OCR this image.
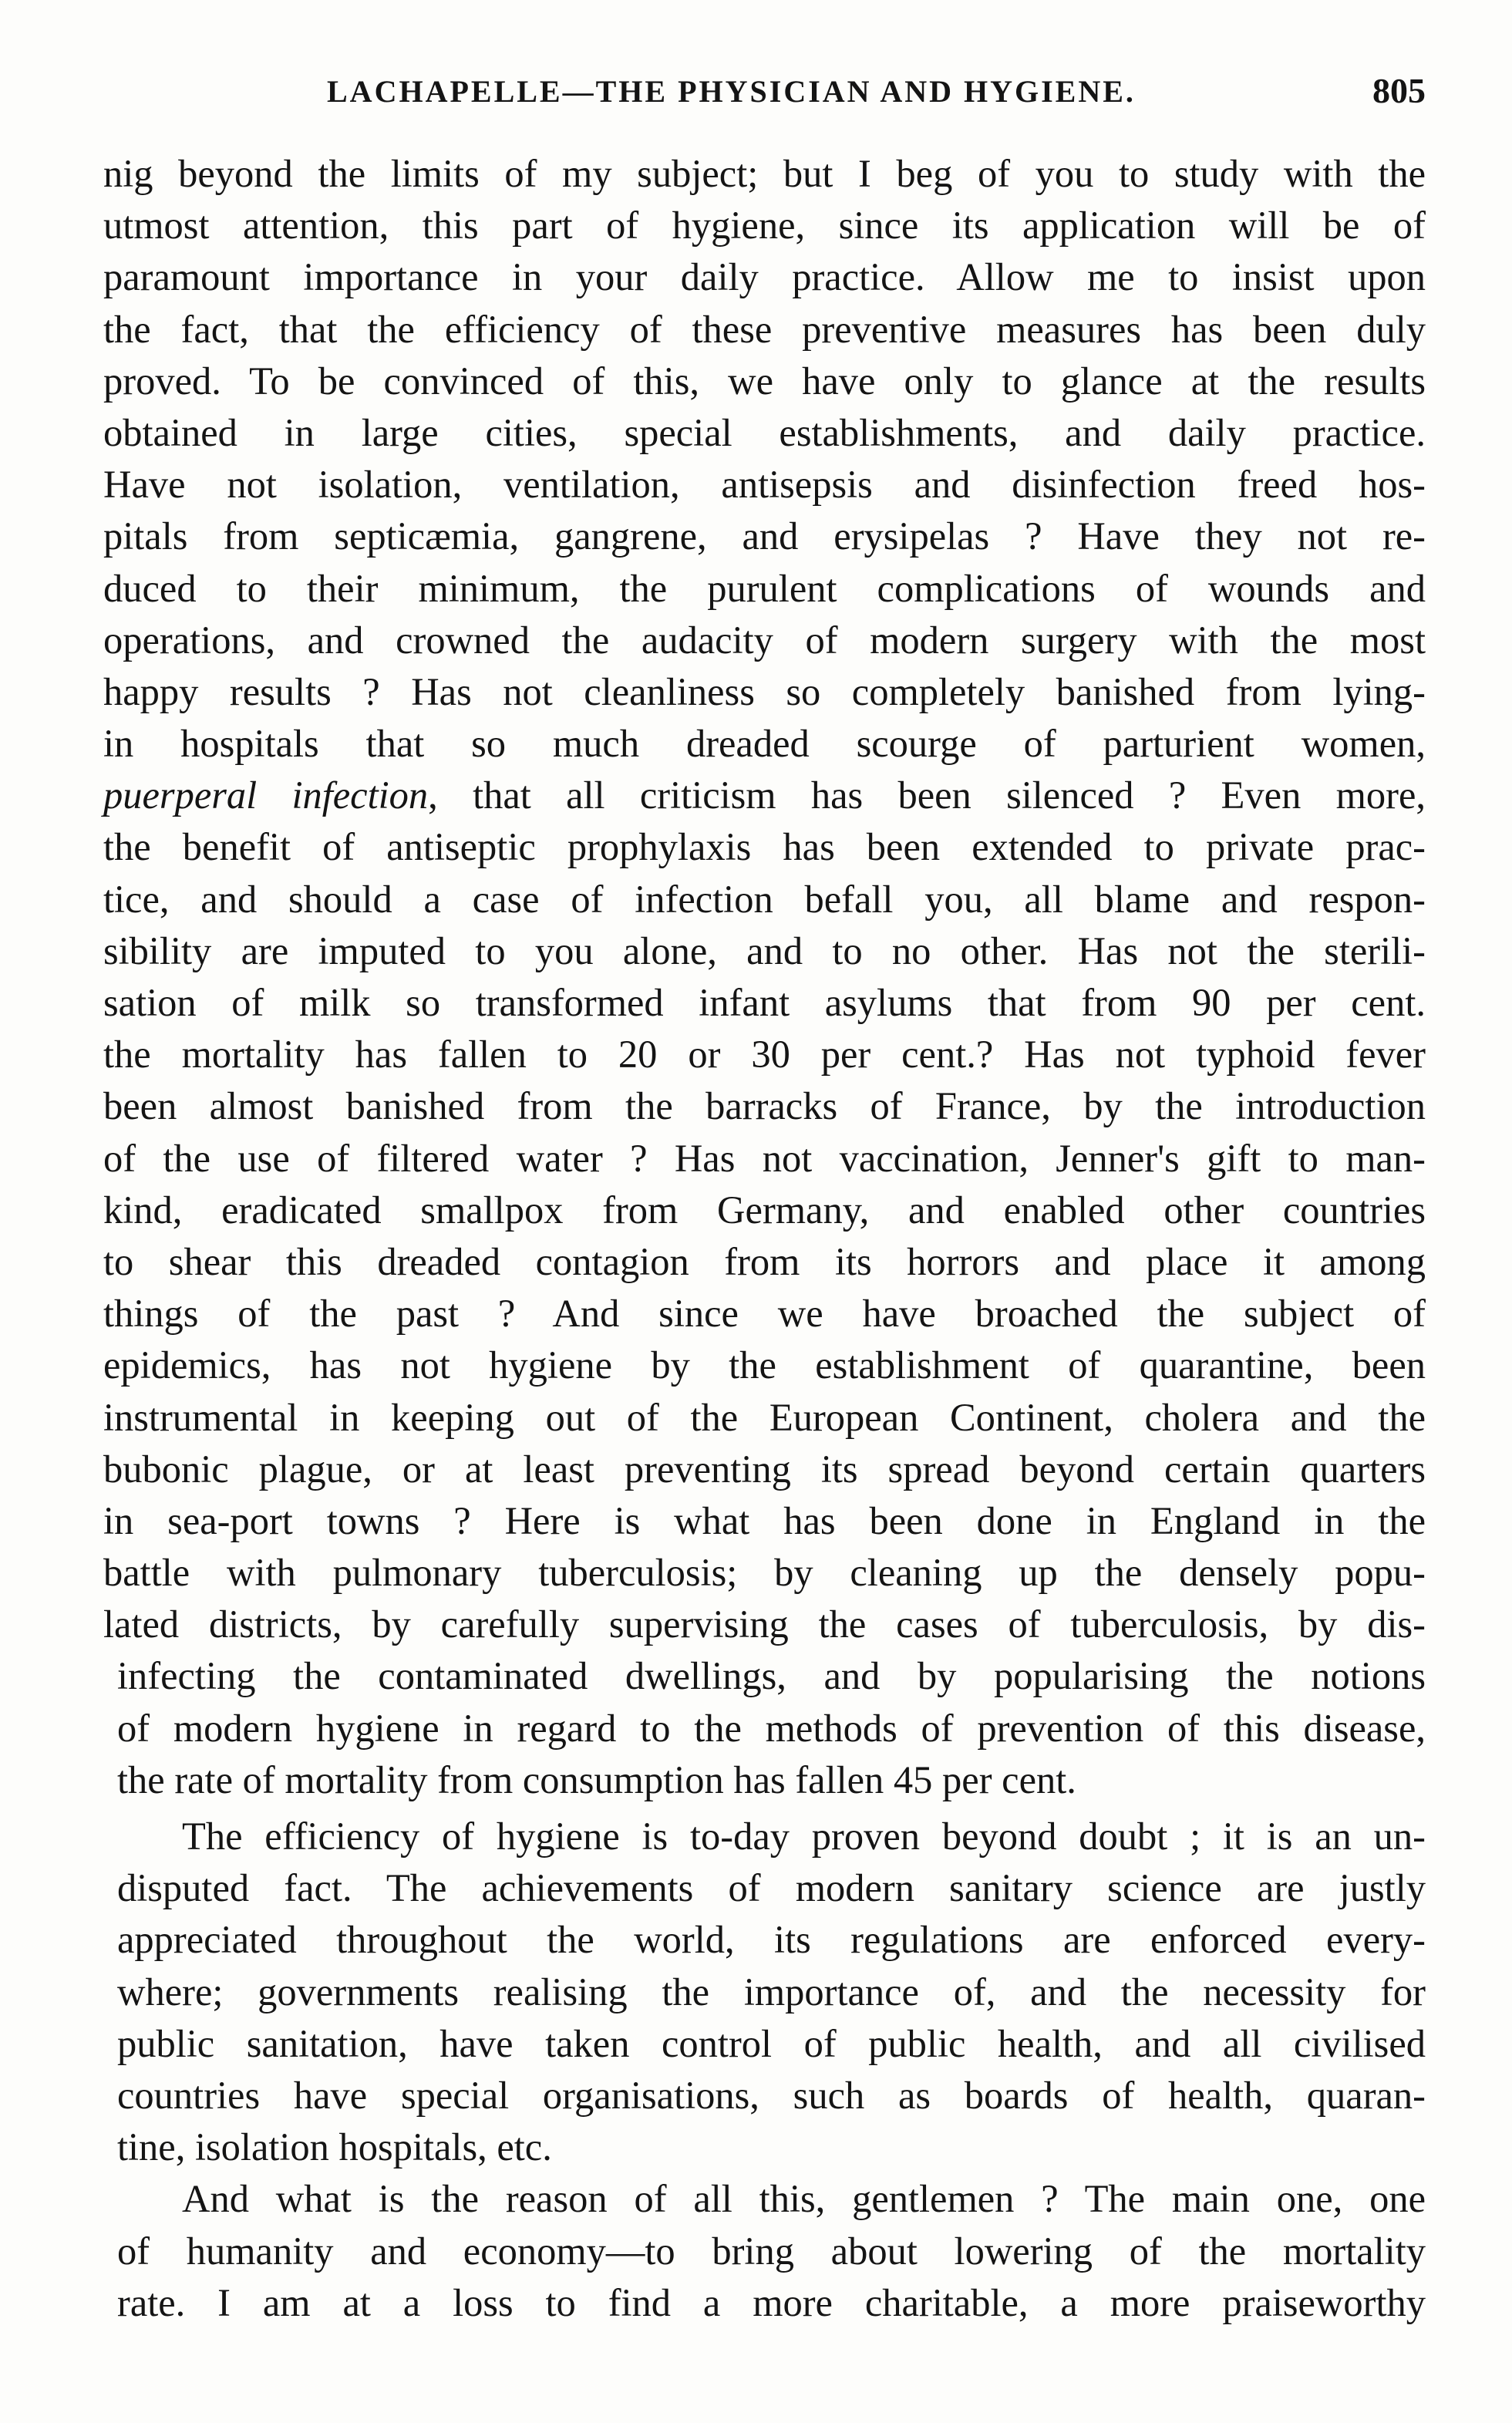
LACHAPELLE—THE PHYSICIAN AND HYGIENE.	805
nig beyond the limits of my subject; but I beg of you to study with the
utmost attention, this part of hygiene, since its application will be of
paramount importance in your daily practice. Allow me to insist upon
the fact, that the efficiency of these preventive measures has been duly
proved. To be convinced of this, we have only to glance at the results
obtained in large cities, special establishments, and daily practice.
Have not isolation, ventilation, antisepsis and disinfection freed hos-
pitals from septicæmia, gangrene, and erysipelas ? Have they not re-
duced to their minimum, the purulent complications of wounds and
operations, and crowned the audacity of modern surgery with the most
happy results ? Has not cleanliness so completely banished from lying-
in hospitals that so much dreaded scourge of parturient women,
puerperal infection, that all criticism has been silenced ? Even more,
the benefit of antiseptic prophylaxis has been extended to private prac-
tice, and should a case of infection befall you, all blame and respon-
sibility are imputed to you alone, and to no other. Has not the sterili-
sation of milk so transformed infant asylums that from 90 per cent.
the mortality has fallen to 20 or 30 per cent.? Has not typhoid fever
been almost banished from the barracks of France, by the introduction
of the use of filtered water ? Has not vaccination, Jenner's gift to man-
kind, eradicated smallpox from Germany, and enabled other countries
to shear this dreaded contagion from its horrors and place it among
things of the past ? And since we have broached the subject of
epidemics, has not hygiene by the establishment of quarantine, been
instrumental in keeping out of the European Continent, cholera and the
bubonic plague, or at least preventing its spread beyond certain quarters
in sea-port towns ? Here is what has been done in England in the
battle with pulmonary tuberculosis; by cleaning up the densely popu-
lated districts, by carefully supervising the cases of tuberculosis, by dis-
infecting the contaminated dwellings, and by popularising the notions
of modern hygiene in regard to the methods of prevention of this disease,
the rate of mortality from consumption has fallen 45 per cent.
The efficiency of hygiene is to-day proven beyond doubt ; it is an un-
disputed fact. The achievements of modern sanitary science are justly
appreciated throughout the world, its regulations are enforced every-
where; governments realising the importance of, and the necessity for
public sanitation, have taken control of public health, and all civilised
countries have special organisations, such as boards of health, quaran-
tine, isolation hospitals, etc.
And what is the reason of all this, gentlemen ? The main one, one
of humanity and economy—to bring about lowering of the mortality
rate. I am at a loss to find a more charitable, a more praiseworthy
